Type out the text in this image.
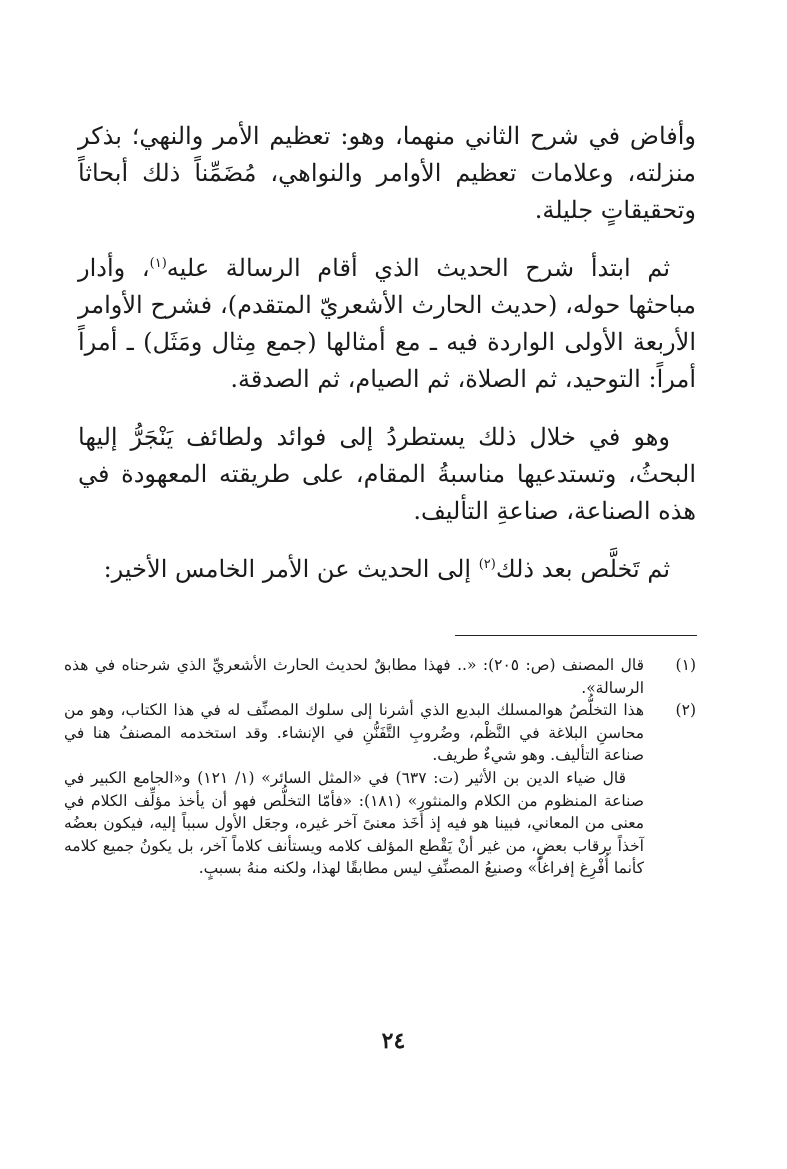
وأفاض في شرح الثاني منهما، وهو: تعظيم الأمر والنهي؛ بذكر منزلته، وعلامات تعظيم الأوامر والنواهي، مُضَمِّناً ذلك أبحاثاً وتحقيقاتٍ جليلة.

ثم ابتدأ شرح الحديث الذي أقام الرسالة عليه$^{(١)}$، وأدار مباحثها حوله، (حديث الحارث الأشعريّ المتقدم)، فشرح الأوامر الأربعة الأولى الواردة فيه ـ مع أمثالها (جمع مِثال ومَثَل) ـ أمراً أمراً: التوحيد، ثم الصلاة، ثم الصيام، ثم الصدقة.

وهو في خلال ذلك يستطردُ إلى فوائد ولطائف يَنْجَرُّ إليها البحثُ، وتستدعيها مناسبةُ المقام، على طريقته المعهودة في هذه الصناعة، صناعةِ التأليف.

ثم تَخلَّص بعد ذلك$^{(٢)}$ إلى الحديث عن الأمر الخامس الأخير:

(١)

قال المصنف (ص: ٢٠٥): «.. فهذا مطابقٌ لحديث الحارث الأشعريِّ الذي شرحناه في هذه الرسالة».

(٢)

هذا التخلُّصُ هوالمسلك البديع الذي أشرنا إلى سلوك المصنِّف له في هذا الكتاب، وهو من محاسنِ البلاغة في النَّظْم، وضُروبِ التَّفَنُّنِ في الإنشاء. وقد استخدمه المصنفُ هنا في صناعة التأليف. وهو شيءٌ طريف.

قال ضياء الدين بن الأثير (ت: ٦٣٧) في «المثل السائر» (١/ ١٢١) و«الجامع الكبير في صناعة المنظوم من الكلام والمنثور» (١٨١): «فأمّا التخلُّص فهو أن يأخذ مؤلِّف الكلام في معنى من المعاني، فبينا هو فيه إذ أَخَذ معنىً آخر غيره، وجعَل الأول سبباً إليه، فيكون بعضُه آخذاً برقاب بعضٍ، من غير أنْ يَقْطع المؤلف كلامه ويستأنف كلاماً آخر، بل يكونُ جميع كلامه كأنما أُفْرِغ إفراغاً» وصنيعُ المصنِّفِ ليس مطابقًا لهذا، ولكنه منهُ بسببٍ.

٢٤
